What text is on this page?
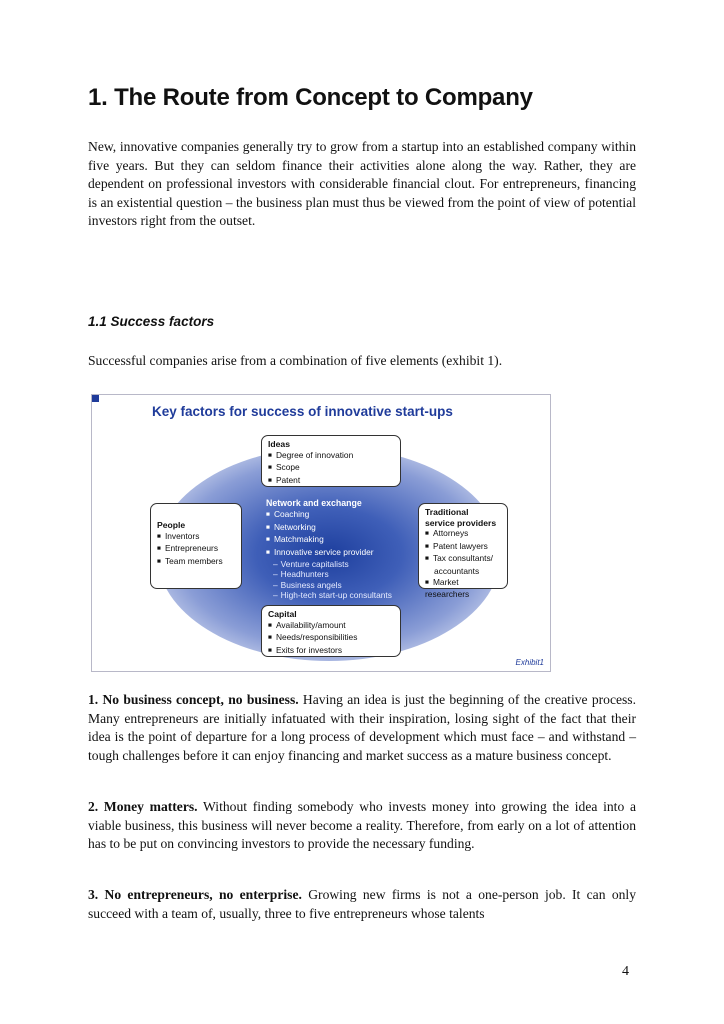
1. The Route from Concept to Company

New, innovative companies generally try to grow from a startup into an established company within five years. But they can seldom finance their activities alone along the way. Rather, they are dependent on professional investors with considerable financial clout. For entrepreneurs, financing is an existential question – the business plan must thus be viewed from the point of view of potential investors right from the outset.

1.1 Success factors

Successful companies arise from a combination of five elements (exhibit 1).

Key factors for success of innovative start-ups
Ideas
■ Degree of innovation
■ Scope
■ Patent
People
■ Inventors
■ Entrepreneurs
■ Team members
Network and exchange
■ Coaching
■ Networking
■ Matchmaking
■ Innovative service provider
– Venture capitalists
– Headhunters
– Business angels
– High-tech start-up consultants
Traditional
service providers
■ Attorneys
■ Patent lawyers
■ Tax consultants/
accountants
■ Market researchers
Capital
■ Availability/amount
■ Needs/responsibilities
■ Exits for investors
Exhibit1

1. No business concept, no business. Having an idea is just the beginning of the creative process. Many entrepreneurs are initially infatuated with their inspiration, losing sight of the fact that their idea is the point of departure for a long process of development which must face – and withstand – tough challenges before it can enjoy financing and market success as a mature business concept.

2. Money matters. Without finding somebody who invests money into growing the idea into a viable business, this business will never become a reality. Therefore, from early on a lot of attention has to be put on convincing investors to provide the necessary funding.

3. No entrepreneurs, no enterprise. Growing new firms is not a one-person job. It can only succeed with a team of, usually, three to five entrepreneurs whose talents

4
